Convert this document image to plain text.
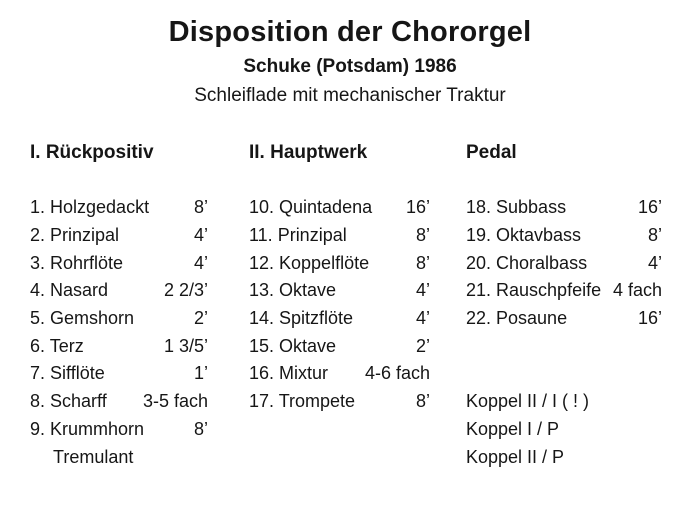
Disposition der Chororgel
Schuke (Potsdam) 1986

Schleiflade mit mechanischer Traktur

I. Rückpositiv
1. Holzgedackt 8’
2. Prinzipal	4’
3. Rohrflöte	4’
4. Nasard	2 2/3’
5. Gemshorn	2’
6. Terz	1 3/5’
7. Sifflöte	1’
8. Scharff 3-5 fach
9. Krummhorn	8’
Tremulant
II. Hauptwerk
10. Quintadena 16’
11. Prinzipal	8’
12. Koppelflöte	8’
13. Oktave	4’
14. Spitzflöte	4’
15. Oktave	2’
16. Mixtur 4-6 fach
17. Trompete	8’
Pedal
18. Subbass	16’
19. Oktavbass	8’
20. Choralbass	4’
21. Rauschpfeife 4 fach
22. Posaune	16’
Koppel II / I ( ! )
Koppel I / P
Koppel II / P
